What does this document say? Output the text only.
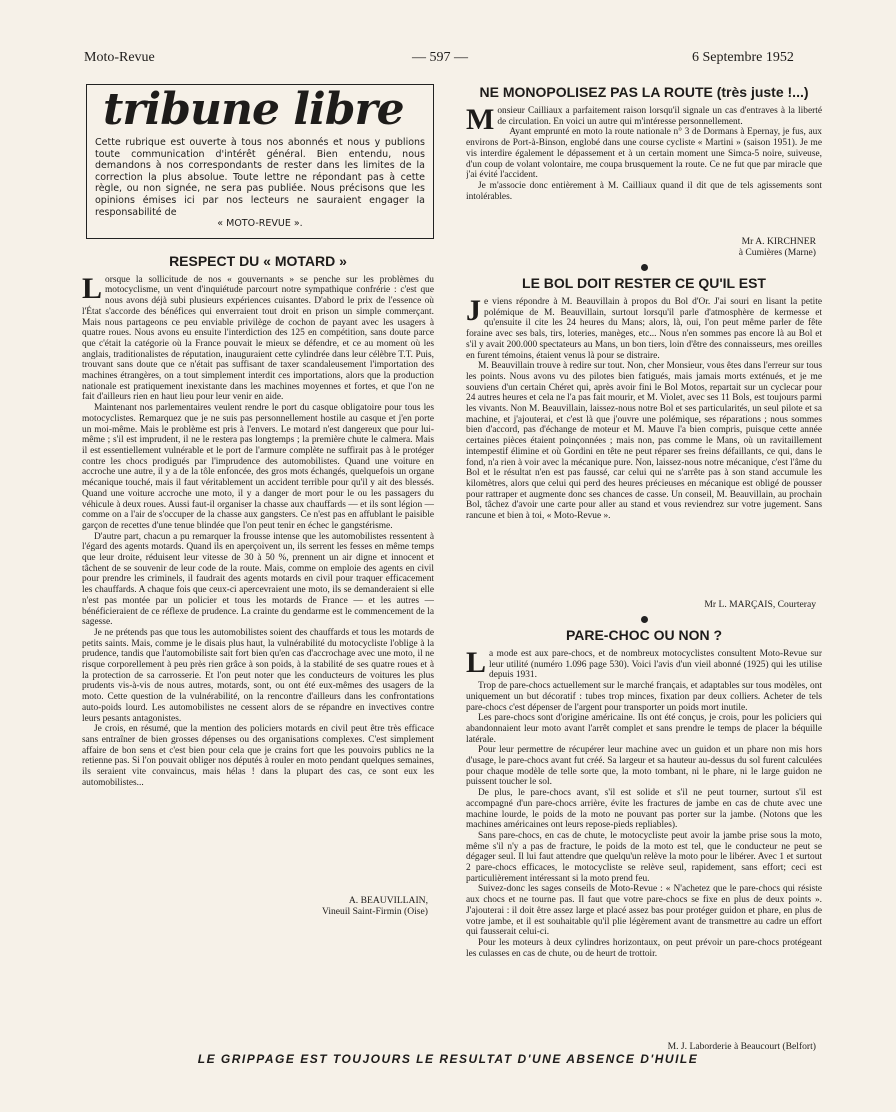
Moto-Revue	— 597 —	6 Septembre 1952
tribune libre
Cette rubrique est ouverte à tous nos abonnés et nous y publions toute communication d'intérêt général. Bien entendu, nous demandons à nos correspondants de rester dans les limites de la correction la plus absolue. Toute lettre ne répondant pas à cette règle, ou non signée, ne sera pas publiée. Nous précisons que les opinions émises ici par nos lecteurs ne sauraient engager la responsabilité de
« MOTO-REVUE ».
RESPECT DU « MOTARD »

Lorsque la sollicitude de nos « gouvernants » se penche sur les problèmes du motocyclisme, un vent d'inquiétude parcourt notre sympathique confrérie : c'est que nous avons déjà subi plusieurs expériences cuisantes. D'abord le prix de l'essence où l'État s'accorde des bénéfices qui enverraient tout droit en prison un simple commerçant. Mais nous partageons ce peu enviable privilège de cochon de payant avec les usagers à quatre roues. Nous avons eu ensuite l'interdiction des 125 en compétition, sans doute parce que c'était la catégorie où la France pouvait le mieux se défendre, et ce au moment où les anglais, traditionalistes de réputation, inauguraient cette cylindrée dans leur célèbre T.T. Puis, trouvant sans doute que ce n'était pas suffisant de taxer scandaleusement l'importation des machines étrangères, on a tout simplement interdit ces importations, alors que la production nationale est pratiquement inexistante dans les machines moyennes et fortes, et que l'on ne fait d'ailleurs rien en haut lieu pour leur venir en aide.

Maintenant nos parlementaires veulent rendre le port du casque obligatoire pour tous les motocyclistes. Remarquez que je ne suis pas personnellement hostile au casque et j'en porte un moi-même. Mais le problème est pris à l'envers. Le motard n'est dangereux que pour lui-même ; s'il est imprudent, il ne le restera pas longtemps ; la première chute le calmera. Mais il est essentiellement vulnérable et le port de l'armure complète ne suffirait pas à le protéger contre les chocs prodigués par l'imprudence des automobilistes. Quand une voiture en accroche une autre, il y a de la tôle enfoncée, des gros mots échangés, quelquefois un organe mécanique touché, mais il faut véritablement un accident terrible pour qu'il y ait des blessés. Quand une voiture accroche une moto, il y a danger de mort pour le ou les passagers du véhicule à deux roues. Aussi faut-il organiser la chasse aux chauffards — et ils sont légion — comme on a l'air de s'occuper de la chasse aux gangsters. Ce n'est pas en affublant le paisible garçon de recettes d'une tenue blindée que l'on peut tenir en échec le gangstérisme.

D'autre part, chacun a pu remarquer la frousse intense que les automobilistes ressentent à l'égard des agents motards. Quand ils en aperçoivent un, ils serrent les fesses en même temps que leur droite, réduisent leur vitesse de 30 à 50 %, prennent un air digne et innocent et tâchent de se souvenir de leur code de la route. Mais, comme on emploie des agents en civil pour prendre les criminels, il faudrait des agents motards en civil pour traquer efficacement les chauffards. A chaque fois que ceux-ci apercevraient une moto, ils se demanderaient si elle n'est pas montée par un policier et tous les motards de France — et les autres — bénéficieraient de ce réflexe de prudence. La crainte du gendarme est le commencement de la sagesse.

Je ne prétends pas que tous les automobilistes soient des chauffards et tous les motards de petits saints. Mais, comme je le disais plus haut, la vulnérabilité du motocycliste l'oblige à la prudence, tandis que l'automobiliste sait fort bien qu'en cas d'accrochage avec une moto, il ne risque corporellement à peu près rien grâce à son poids, à la stabilité de ses quatre roues et à la protection de sa carrosserie. Et l'on peut noter que les conducteurs de voitures les plus prudents vis-à-vis de nous autres, motards, sont, ou ont été eux-mêmes des usagers de la moto. Cette question de la vulnérabilité, on la rencontre d'ailleurs dans les confrontations auto-poids lourd. Les automobilistes ne cessent alors de se répandre en invectives contre leurs pesants antagonistes.

Je crois, en résumé, que la mention des policiers motards en civil peut être très efficace sans entraîner de bien grosses dépenses ou des organisations complexes. C'est simplement affaire de bon sens et c'est bien pour cela que je crains fort que les pouvoirs publics ne la retienne pas. Si l'on pouvait obliger nos députés à rouler en moto pendant quelques semaines, ils seraient vite convaincus, mais hélas ! dans la plupart des cas, ce sont eux les automobilistes...

A. BEAUVILLAIN,
Vineuil Saint-Firmin (Oise)
NE MONOPOLISEZ PAS LA ROUTE (très juste !...)

Monsieur Cailliaux a parfaitement raison lorsqu'il signale un cas d'entraves à la liberté de circulation. En voici un autre qui m'intéresse personnellement.

Ayant emprunté en moto la route nationale n° 3 de Dormans à Epernay, je fus, aux environs de Port-à-Binson, englobé dans une course cycliste « Martini » (saison 1951). Je me vis interdire également le dépassement et à un certain moment une Simca-5 noire, suiveuse, d'un coup de volant volontaire, me coupa brusquement la route. Ce ne fut que par miracle que j'ai évité l'accident.

Je m'associe donc entièrement à M. Cailliaux quand il dit que de tels agissements sont intolérables.

Mr A. KIRCHNER
à Cumières (Marne)
LE BOL DOIT RESTER CE QU'IL EST

Je viens répondre à M. Beauvillain à propos du Bol d'Or. J'ai souri en lisant la petite polémique de M. Beauvillain, surtout lorsqu'il parle d'atmosphère de kermesse et qu'ensuite il cite les 24 heures du Mans; alors, là, oui, l'on peut même parler de fête foraine avec ses bals, tirs, loteries, manèges, etc... Nous n'en sommes pas encore là au Bol et s'il y avait 200.000 spectateurs au Mans, un bon tiers, loin d'être des connaisseurs, mes oreilles en furent témoins, étaient venus là pour se distraire.

M. Beauvillain trouve à redire sur tout. Non, cher Monsieur, vous êtes dans l'erreur sur tous les points. Nous avons vu des pilotes bien fatigués, mais jamais morts exténués, et je me souviens d'un certain Chéret qui, après avoir fini le Bol Motos, repartait sur un cyclecar pour 24 autres heures et cela ne l'a pas fait mourir, et M. Violet, avec ses 11 Bols, est toujours parmi les vivants. Non M. Beauvillain, laissez-nous notre Bol et ses particularités, un seul pilote et sa machine, et j'ajouterai, et c'est là que j'ouvre une polémique, ses réparations ; nous sommes bien d'accord, pas d'échange de moteur et M. Mauve l'a bien compris, puisque cette année certaines pièces étaient poinçonnées ; mais non, pas comme le Mans, où un ravitaillement intempestif élimine et où Gordini en tête ne peut réparer ses freins défaillants, ce qui, dans le fond, n'a rien à voir avec la mécanique pure. Non, laissez-nous notre mécanique, c'est l'âme du Bol et le résultat n'en est pas faussé, car celui qui ne s'arrête pas à son stand accumule les kilomètres, alors que celui qui perd des heures précieuses en mécanique est obligé de pousser pour rattraper et augmente donc ses chances de casse. Un conseil, M. Beauvillain, au prochain Bol, tâchez d'avoir une carte pour aller au stand et vous reviendrez sur votre jugement. Sans rancune et bien à toi, « Moto-Revue ».

Mr L. MARÇAIS, Courteray
PARE-CHOC OU NON ?

La mode est aux pare-chocs, et de nombreux motocyclistes consultent Moto-Revue sur leur utilité (numéro 1.096 page 530). Voici l'avis d'un vieil abonné (1925) qui les utilise depuis 1931.

Trop de pare-chocs actuellement sur le marché français, et adaptables sur tous modèles, ont uniquement un but décoratif : tubes trop minces, fixation par deux colliers. Acheter de tels pare-chocs c'est dépenser de l'argent pour transporter un poids mort inutile.

Les pare-chocs sont d'origine américaine. Ils ont été conçus, je crois, pour les policiers qui abandonnaient leur moto avant l'arrêt complet et sans prendre le temps de placer la béquille latérale.

Pour leur permettre de récupérer leur machine avec un guidon et un phare non mis hors d'usage, le pare-chocs avant fut créé. Sa largeur et sa hauteur au-dessus du sol furent calculées pour chaque modèle de telle sorte que, la moto tombant, ni le phare, ni le large guidon ne puissent toucher le sol.

De plus, le pare-chocs avant, s'il est solide et s'il ne peut tourner, surtout s'il est accompagné d'un pare-chocs arrière, évite les fractures de jambe en cas de chute avec une machine lourde, le poids de la moto ne pouvant pas porter sur la jambe. (Notons que les machines américaines ont leurs repose-pieds repliables).

Sans pare-chocs, en cas de chute, le motocycliste peut avoir la jambe prise sous la moto, même s'il n'y a pas de fracture, le poids de la moto est tel, que le conducteur ne peut se dégager seul. Il lui faut attendre que quelqu'un relève la moto pour le libérer. Avec 1 et surtout 2 pare-chocs efficaces, le motocycliste se relève seul, rapidement, sans effort; ceci est particulièrement intéressant si la moto prend feu.

Suivez-donc les sages conseils de Moto-Revue : « N'achetez que le pare-chocs qui résiste aux chocs et ne tourne pas. Il faut que votre pare-chocs se fixe en plus de deux points ». J'ajouterai : il doit être assez large et placé assez bas pour protéger guidon et phare, en plus de votre jambe, et il est souhaitable qu'il plie légèrement avant de transmettre au cadre un effort qui fausserait celui-ci.

Pour les moteurs à deux cylindres horizontaux, on peut prévoir un pare-chocs protégeant les culasses en cas de chute, ou de heurt de trottoir.

M. J. Laborderie à Beaucourt (Belfort)
LE GRIPPAGE EST TOUJOURS LE RESULTAT D'UNE ABSENCE D'HUILE
